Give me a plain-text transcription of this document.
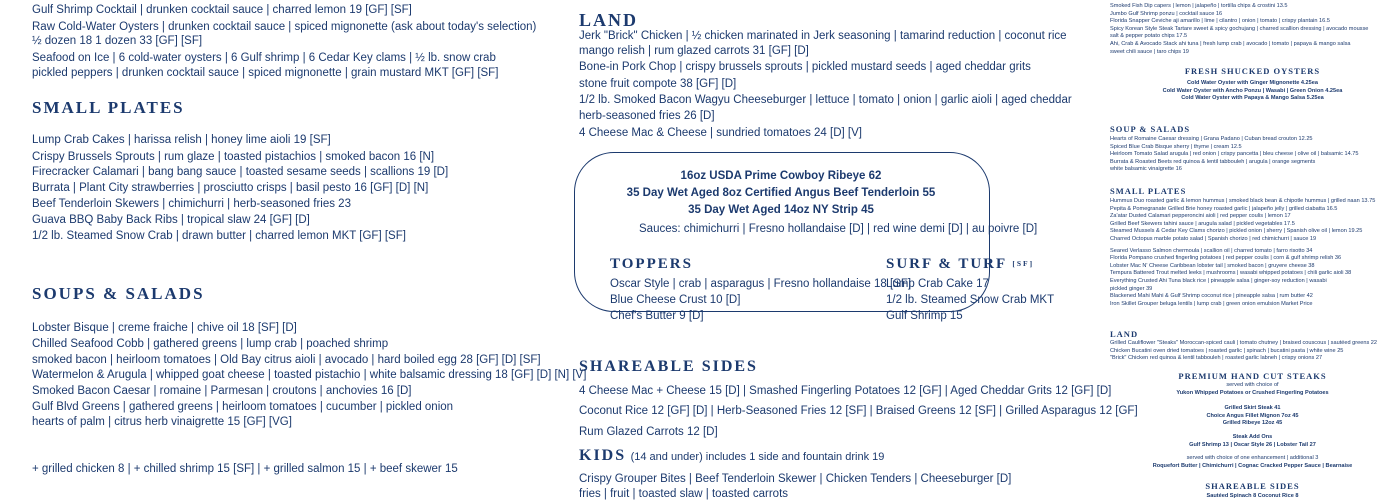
Gulf Shrimp Cocktail | drunken cocktail sauce | charred lemon 19 [GF] [SF]
Raw Cold-Water Oysters | drunken cocktail sauce | spiced mignonette (ask about today's selection)
½ dozen 18 1 dozen 33 [GF] [SF]
Seafood on Ice | 6 cold-water oysters | 6 Gulf shrimp | 6 Cedar Key clams | ½ lb. snow crab
pickled peppers | drunken cocktail sauce | spiced mignonette | grain mustard MKT [GF] [SF]
SMALL PLATES
Lump Crab Cakes | harissa relish | honey lime aioli 19 [SF]
Crispy Brussels Sprouts | rum glaze | toasted pistachios | smoked bacon 16 [N]
Firecracker Calamari | bang bang sauce | toasted sesame seeds | scallions 19 [D]
Burrata | Plant City strawberries | prosciutto crisps | basil pesto 16 [GF] [D] [N]
Beef Tenderloin Skewers | chimichurri | herb-seasoned fries 23
Guava BBQ Baby Back Ribs | tropical slaw 24 [GF] [D]
1/2 lb. Steamed Snow Crab | drawn butter | charred lemon MKT [GF] [SF]
SOUPS & SALADS
Lobster Bisque | creme fraiche | chive oil 18 [SF] [D]
Chilled Seafood Cobb | gathered greens | lump crab | poached shrimp
smoked bacon | heirloom tomatoes | Old Bay citrus aioli | avocado | hard boiled egg 28 [GF] [D] [SF]
Watermelon & Arugula | whipped goat cheese | toasted pistachio | white balsamic dressing 18 [GF] [D] [N] [V]
Smoked Bacon Caesar | romaine | Parmesan | croutons | anchovies 16 [D]
Gulf Blvd Greens | gathered greens | heirloom tomatoes | cucumber | pickled onion
hearts of palm | citrus herb vinaigrette 15 [GF] [VG]
+ grilled chicken 8 | + chilled shrimp 15 [SF] | + grilled salmon 15 | + beef skewer 15
LAND
Jerk "Brick" Chicken | ½ chicken marinated in Jerk seasoning | tamarind reduction | coconut rice
mango relish | rum glazed carrots 31 [GF] [D]
Bone-in Pork Chop | crispy brussels sprouts | pickled mustard seeds | aged cheddar grits
stone fruit compote 38 [GF] [D]
1/2 lb. Smoked Bacon Wagyu Cheeseburger | lettuce | tomato | onion | garlic aioli | aged cheddar
herb-seasoned fries 26 [D]
4 Cheese Mac & Cheese | sundried tomatoes 24 [D] [V]
16oz USDA Prime Cowboy Ribeye 62
35 Day Wet Aged 8oz Certified Angus Beef Tenderloin 55
35 Day Wet Aged 14oz NY Strip 45
Sauces: chimichurri | Fresno hollandaise [D] | red wine demi [D] | au poivre [D]
TOPPERS
Oscar Style | crab | asparagus | Fresno hollandaise 18 [SF]
Blue Cheese Crust 10 [D]
Chef's Butter 9 [D]
SURF & TURF [SF]
Lump Crab Cake 17
1/2 lb. Steamed Snow Crab MKT
Gulf Shrimp 15
SHAREABLE SIDES
4 Cheese Mac + Cheese 15 [D] | Smashed Fingerling Potatoes 12 [GF] | Aged Cheddar Grits 12 [GF] [D]
Coconut Rice 12 [GF] [D] | Herb-Seasoned Fries 12 [SF] | Braised Greens 12 [SF] | Grilled Asparagus 12 [GF]
Rum Glazed Carrots 12 [D]
KIDS (14 and under) includes 1 side and fountain drink 19
Crispy Grouper Bites | Beef Tenderloin Skewer | Chicken Tenders | Cheeseburger [D]
fries | fruit | toasted slaw | toasted carrots
Smoked Fish Dip capers | lemon | jalapeño | tortilla chips & crostini 13.5
Jumbo Gulf Shrimp ponzu | cocktail sauce 16
Florida Snapper Ceviche aji amarillo | lime | cilantro | onion | tomato | crispy plantain 16.5
Spicy Korean Style Steak Tartare sweet & spicy gochujang | charred scallion dressing | avocado mousse
salt & pepper potato chips 17.5
Ahi, Crab & Avocado Stack ahi tuna | fresh lump crab | avocado | tomato | papaya & mango salsa
sweet chili sauce | taro chips 19
FRESH SHUCKED OYSTERS
Cold Water Oyster with Ginger Mignonette 4.25ea
Cold Water Oyster with Ancho Ponzu | Wasabi | Green Onion 4.25ea
Cold Water Oyster with Papaya & Mango Salsa 5.25ea
SOUP & SALADS
Hearts of Romaine Caesar dressing | Grana Padano | Cuban bread crouton 12.25
Spiced Blue Crab Bisque sherry | thyme | cream 12.5
Heirloom Tomato Salad arugula | red onion | crispy pancetta | bleu cheese | olive oil | balsamic 14.75
Burrata & Roasted Beets red quinoa & lentil tabbouleh | arugula | orange segments
white balsamic vinaigrette 16
SMALL PLATES
Hummus Duo roasted garlic & lemon hummus | smoked black bean & chipotle hummus | grilled naan 13.75
Pepita & Pomegranate Grilled Brie honey roasted garlic | jalapeño jelly | grilled ciabatta 16.5
Za'atar Dusted Calamari pepperoncini aioli | red pepper coulis | lemon 17
Grilled Beef Skewers tahini sauce | arugula salad | pickled vegetables 17.5
Steamed Mussels & Cedar Key Clams chorizo | pickled onion | sherry | Spanish olive oil | lemon 19.25
Charred Octopus marble potato salad | Spanish chorizo | red chimichurri | sauce 19
Seared Verlasso Salmon chermoula | scallion oil | charred tomato | farro risotto 34
Florida Pompano crushed fingerling potatoes | red pepper coulis | corn & gulf shrimp relish 36
Lobster Mac N' Cheese Caribbean lobster tail | smoked bacon | gruyere cheese 38
Tempura Battered Trout melted leeks | mushrooms | wasabi whipped potatoes | chili garlic aioli 38
Everything Crusted Ahi Tuna black rice | pineapple salsa | ginger-soy reduction | wasabi
pickled ginger 39
Blackened Mahi Mahi & Gulf Shrimp coconut rice | pineapple salsa | rum butter 42
Iron Skillet Grouper beluga lentils | lump crab | green onion emulsion Market Price
LAND
Grilled Cauliflower "Steaks" Moroccan-spiced cauli | tomato chutney | braised couscous | sautéed greens 22
Chicken Bucatini oven dried tomatoes | roasted garlic | spinach | bucatini pasta | white wine 25
"Brick" Chicken red quinoa & lentil tabbouleh | roasted garlic labneh | crispy onions 27
PREMIUM HAND CUT STEAKS
served with choice of
Yukon Whipped Potatoes or Crushed Fingerling Potatoes
Grilled Skirt Steak 41
Choice Angus Fillet Mignon 7oz 45
Grilled Ribeye 12oz 45
Steak Add Ons
Gulf Shrimp 13 | Oscar Style 26 | Lobster Tail 27
served with choice of one enhancement | additional 3
Roquefort Butter | Chimichurri | Cognac Cracked Pepper Sauce | Bearnaise
SHAREABLE SIDES
Sautéed Spinach 8 Coconut Rice 8
